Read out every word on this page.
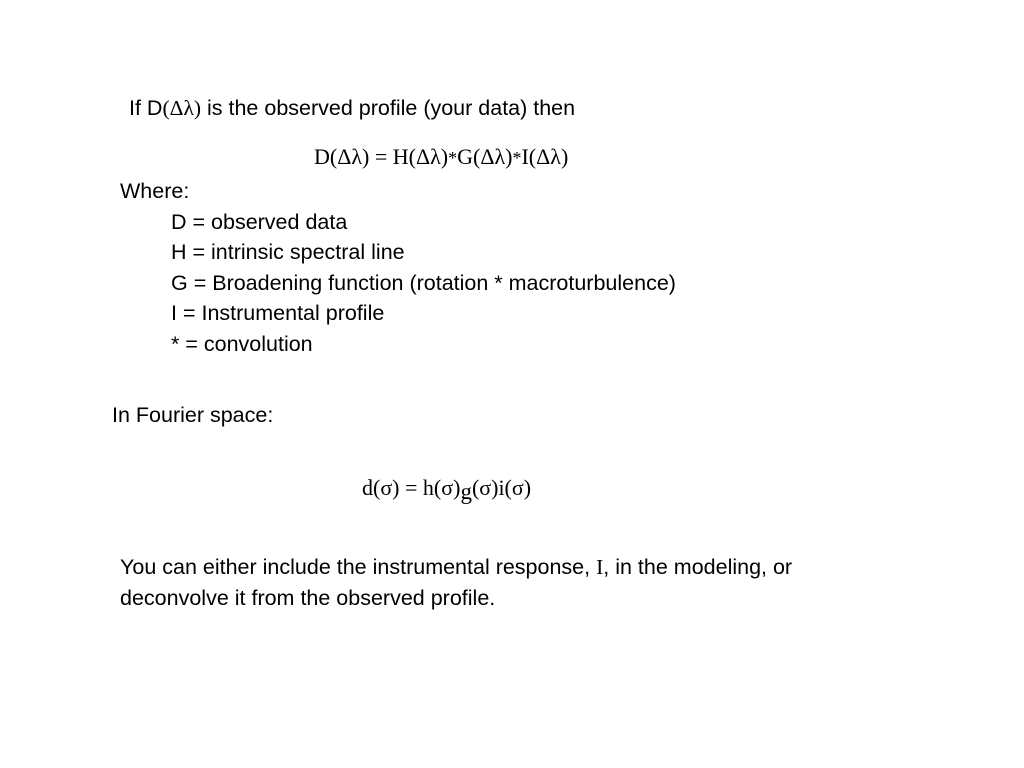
If D(Δλ) is the observed profile (your data) then
D(Δλ) = H(Δλ)*G(Δλ)*I(Δλ)
Where:
D = observed data
H = intrinsic spectral line
G = Broadening function (rotation * macroturbulence)
I = Instrumental profile
* = convolution
In Fourier space:
d(σ) = h(σ)g(σ)i(σ)
You can either include the instrumental response, I, in the modeling, or
deconvolve it from the observed profile.
